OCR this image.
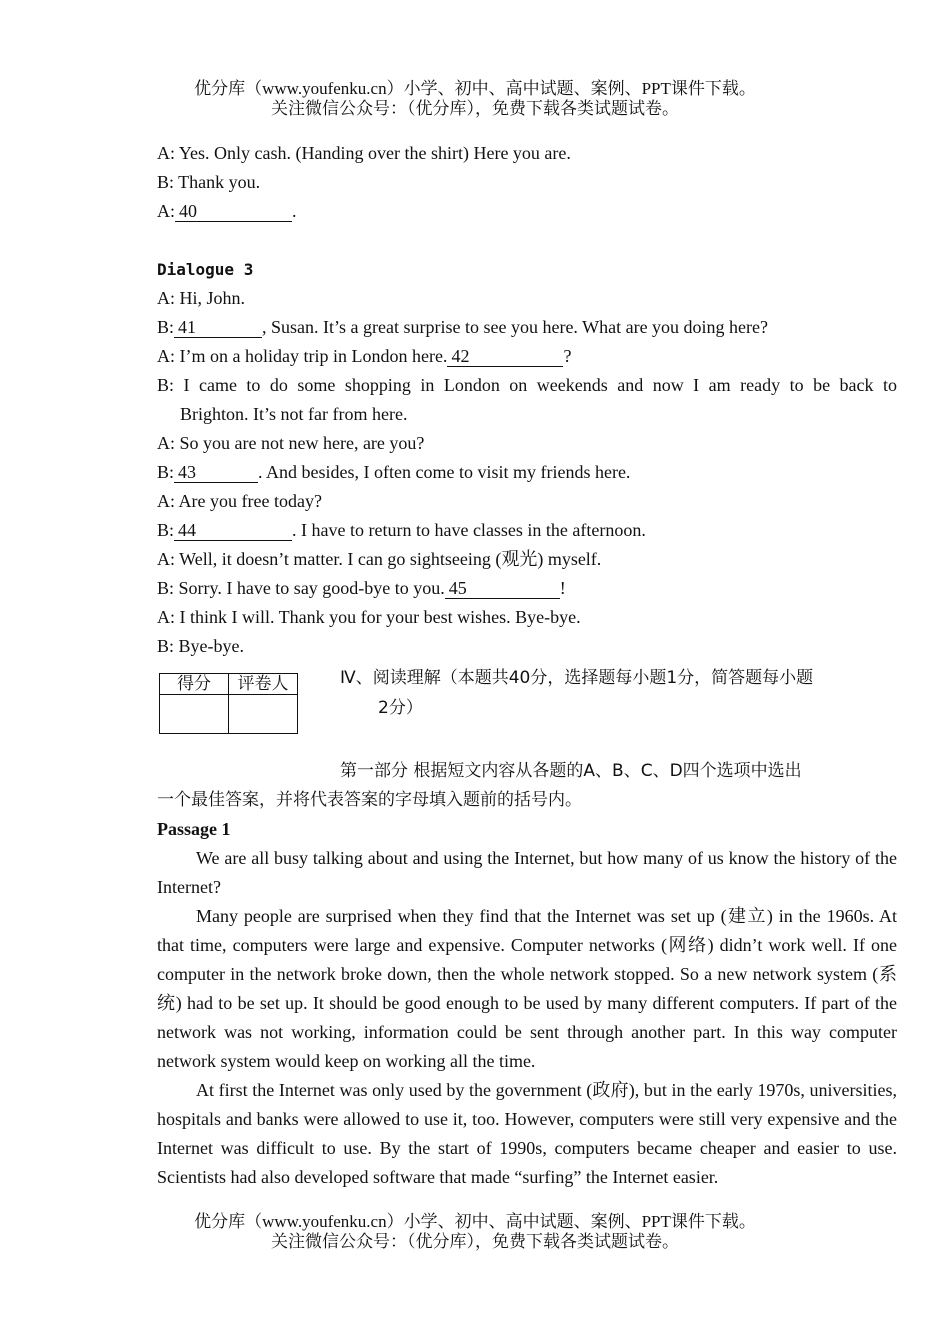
优分库（www.youfenku.cn）小学、初中、高中试题、案例、PPT课件下载。
关注微信公众号：（优分库），免费下载各类试题试卷。
A: Yes. Only cash. (Handing over the shirt) Here you are.
B: Thank you.
A: 40	.
Dialogue 3
A: Hi, John.
B: 41	, Susan. It’s a great surprise to see you here. What are you doing here?
A: I’m on a holiday trip in London here. 42	?
B: I came to do some shopping in London on weekends and now I am ready to be back to
Brighton. It’s not far from here.
A: So you are not new here, are you?
B: 43	. And besides, I often come to visit my friends here.
A: Are you free today?
B: 44	. I have to return to have classes in the afternoon.
A: Well, it doesn’t matter. I can go sightseeing (观光) myself.
B: Sorry. I have to say good-bye to you. 45	!
A: I think I will. Thank you for your best wishes. Bye-bye.
B: Bye-bye.
得分	评卷人
		Ⅳ、阅读理解（本题共40分，选择题每小题1分，简答题每小题
2分）
第一部分 根据短文内容从各题的A、B、C、D四个选项中选出
一个最佳答案，并将代表答案的字母填入题前的括号内。
Passage 1
We are all busy talking about and using the Internet, but how many of us know the history of the Internet?
Many people are surprised when they find that the Internet was set up (建立) in the 1960s. At that time, computers were large and expensive. Computer networks (网络) didn’t work well. If one computer in the network broke down, then the whole network stopped. So a new network system (系统) had to be set up. It should be good enough to be used by many different computers. If part of the network was not working, information could be sent through another part. In this way computer network system would keep on working all the time.
At first the Internet was only used by the government (政府), but in the early 1970s, universities, hospitals and banks were allowed to use it, too. However, computers were still very expensive and the Internet was difficult to use. By the start of 1990s, computers became cheaper and easier to use. Scientists had also developed software that made “surfing” the Internet easier.
优分库（www.youfenku.cn）小学、初中、高中试题、案例、PPT课件下载。
关注微信公众号：（优分库），免费下载各类试题试卷。
